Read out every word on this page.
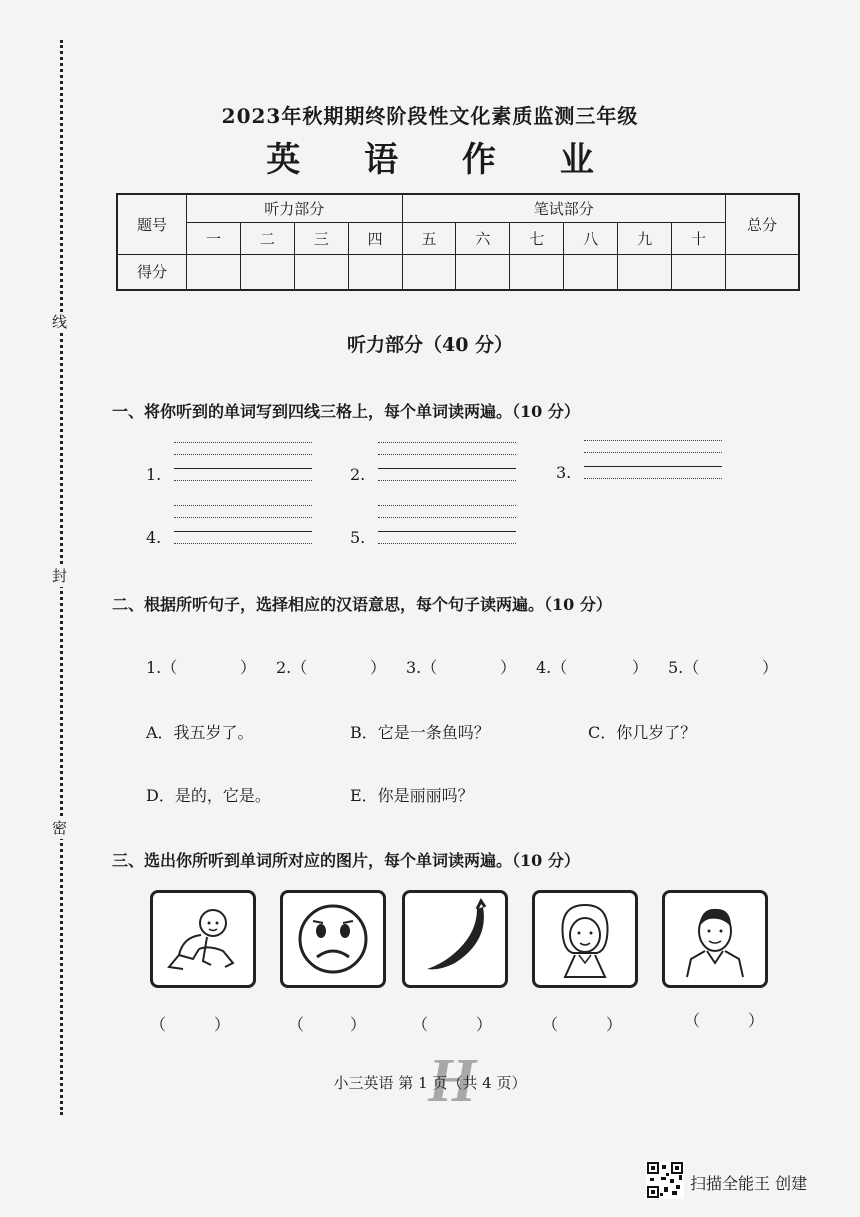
线
封
密
2023年秋期期终阶段性文化素质监测三年级
英 语 作 业
题号	听力部分				笔试部分						总分
	一	二	三	四	五	六	七	八	九	十	
得分											
听力部分（40 分）
一、将你听到的单词写到四线三格上，每个单词读两遍。（10 分）
1.	2.	3.
4.	5.
二、根据所听句子，选择相应的汉语意思，每个句子读两遍。（10 分）
1.（	） 2.（	） 3.（	） 4.（	） 5.（	）
A．我五岁了。	B．它是一条鱼吗？	C．你几岁了？
D．是的，它是。	E．你是丽丽吗？
三、选出你所听到单词所对应的图片，每个单词读两遍。（10 分）
（	）	（	）	（	）	（	）	（	）
H
小三英语 第 1 页（共 4 页）
扫描全能王 创建
